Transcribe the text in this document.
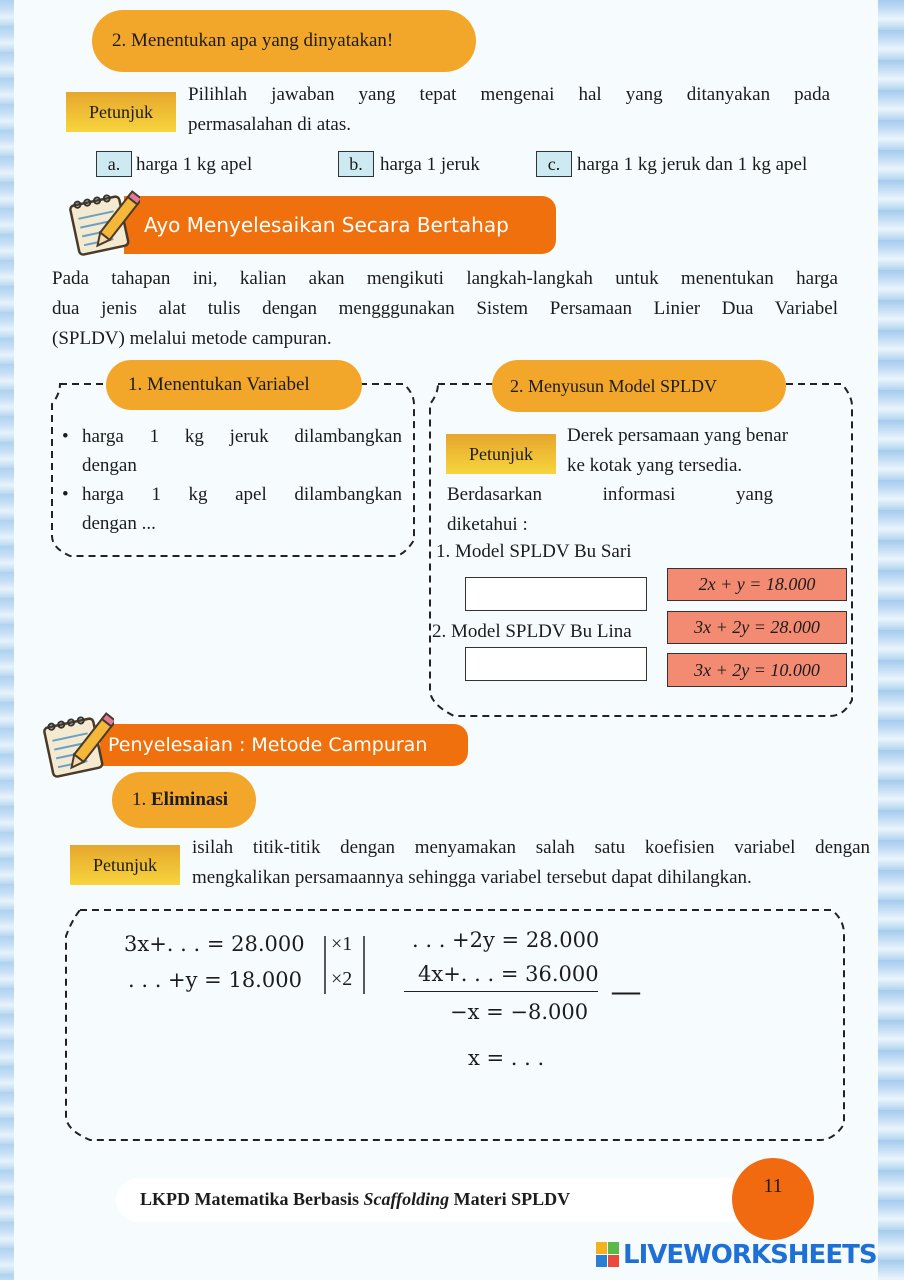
2. Menentukan apa yang dinyatakan!
Petunjuk
Pilihlah jawaban yang tepat mengenai hal yang ditanyakan pada
permasalahan di atas.
a. harga 1 kg apel	b. harga 1 jeruk	c. harga 1 kg jeruk dan 1 kg apel
Ayo Menyelesaikan Secara Bertahap
Pada tahapan ini, kalian akan mengikuti langkah-langkah untuk menentukan harga
dua jenis alat tulis dengan mengggunakan Sistem Persamaan Linier Dua Variabel
(SPLDV) melalui metode campuran.
1. Menentukan Variabel
• harga 1 kg jeruk dilambangkan
dengan
• harga 1 kg apel dilambangkan
dengan ...
2. Menyusun Model SPLDV
Petunjuk
Derek persamaan yang benar
ke kotak yang tersedia.
Berdasarkan informasi yang
diketahui :
1. Model SPLDV Bu Sari
2. Model SPLDV Bu Lina
2x + y = 18.000
3x + 2y = 28.000
3x + 2y = 10.000
Penyelesaian : Metode Campuran
1.
Eliminasi
Petunjuk
isilah titik-titik dengan menyamakan salah satu koefisien variabel dengan
mengkalikan persamaannya sehingga variabel tersebut dapat dihilangkan.
3x+. . . = 28.000
. . . +y = 18.000
×1
×2
. . . +2y = 28.000
4x+. . . = 36.000
—
−x = −8.000
x = . . .
LKPD Matematika Berbasis Scaffolding Materi SPLDV
11
LIVEWORKSHEETS
